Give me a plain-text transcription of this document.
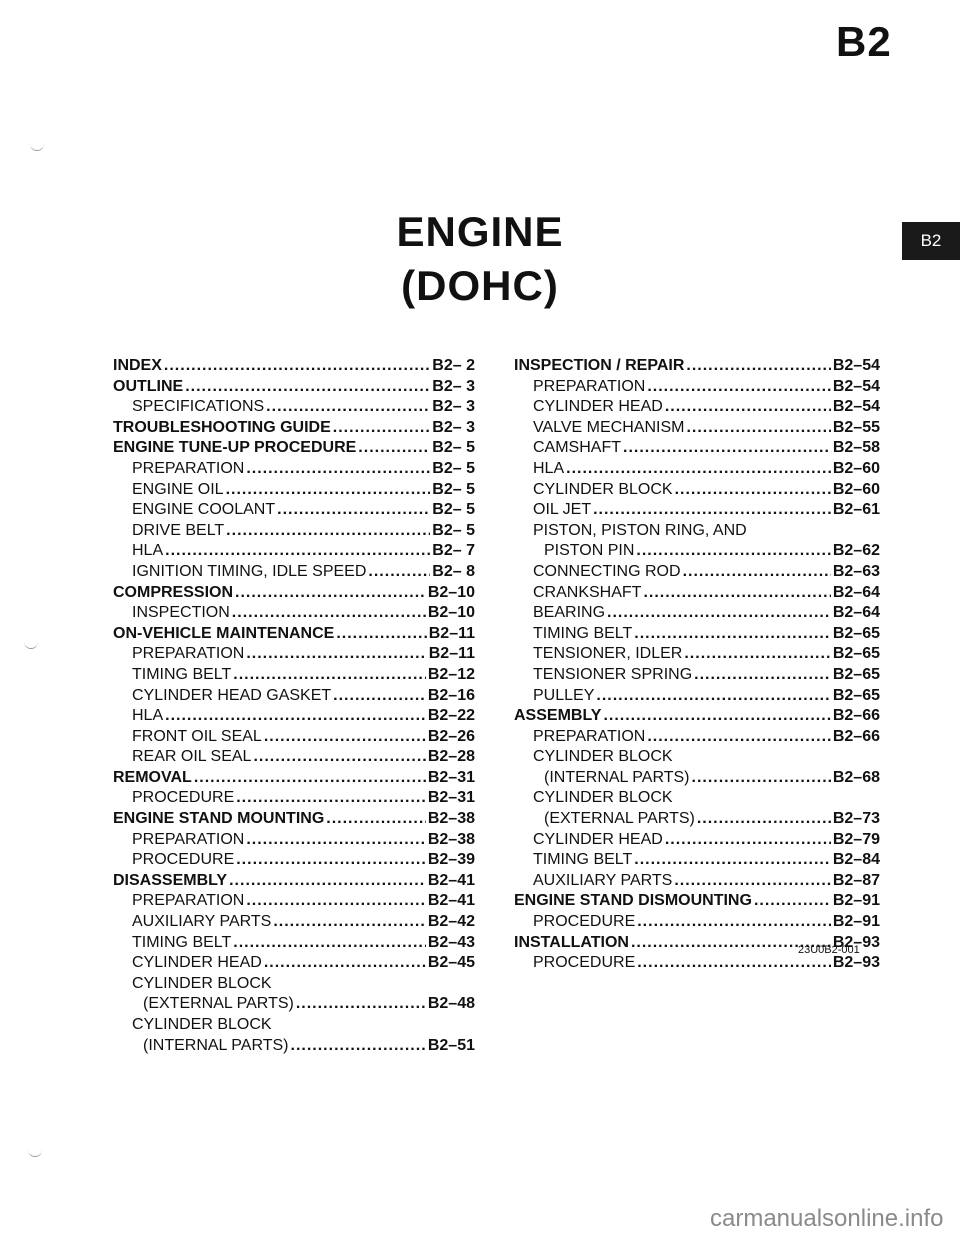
B2
B2
ENGINE
(DOHC)
INDEX .....	B2– 2
OUTLINE .....	B2– 3
SPECIFICATIONS .....	B2– 3
TROUBLESHOOTING GUIDE .....	B2– 3
ENGINE TUNE-UP PROCEDURE .....	B2– 5
PREPARATION .....	B2– 5
ENGINE OIL .....	B2– 5
ENGINE COOLANT .....	B2– 5
DRIVE BELT .....	B2– 5
HLA .....	B2– 7
IGNITION TIMING, IDLE SPEED .....	B2– 8
COMPRESSION .....	B2–10
INSPECTION .....	B2–10
ON-VEHICLE MAINTENANCE .....	B2–11
PREPARATION .....	B2–11
TIMING BELT .....	B2–12
CYLINDER HEAD GASKET .....	B2–16
HLA .....	B2–22
FRONT OIL SEAL .....	B2–26
REAR OIL SEAL .....	B2–28
REMOVAL .....	B2–31
PROCEDURE .....	B2–31
ENGINE STAND MOUNTING .....	B2–38
PREPARATION .....	B2–38
PROCEDURE .....	B2–39
DISASSEMBLY .....	B2–41
PREPARATION .....	B2–41
AUXILIARY PARTS .....	B2–42
TIMING BELT .....	B2–43
CYLINDER HEAD .....	B2–45
CYLINDER BLOCK
(EXTERNAL PARTS) .....	B2–48
CYLINDER BLOCK
(INTERNAL PARTS) .....	B2–51
INSPECTION / REPAIR .....	B2–54
PREPARATION .....	B2–54
CYLINDER HEAD .....	B2–54
VALVE MECHANISM .....	B2–55
CAMSHAFT .....	B2–58
HLA .....	B2–60
CYLINDER BLOCK .....	B2–60
OIL JET .....	B2–61
PISTON, PISTON RING, AND
PISTON PIN .....	B2–62
CONNECTING ROD .....	B2–63
CRANKSHAFT .....	B2–64
BEARING .....	B2–64
TIMING BELT .....	B2–65
TENSIONER, IDLER .....	B2–65
TENSIONER SPRING .....	B2–65
PULLEY .....	B2–65
ASSEMBLY .....	B2–66
PREPARATION .....	B2–66
CYLINDER BLOCK
(INTERNAL PARTS) .....	B2–68
CYLINDER BLOCK
(EXTERNAL PARTS) .....	B2–73
CYLINDER HEAD .....	B2–79
TIMING BELT .....	B2–84
AUXILIARY PARTS .....	B2–87
ENGINE STAND DISMOUNTING .....	B2–91
PROCEDURE .....	B2–91
INSTALLATION .....	B2–93
PROCEDURE .....	B2–93
23U0B2-001
carmanualsonline.info
